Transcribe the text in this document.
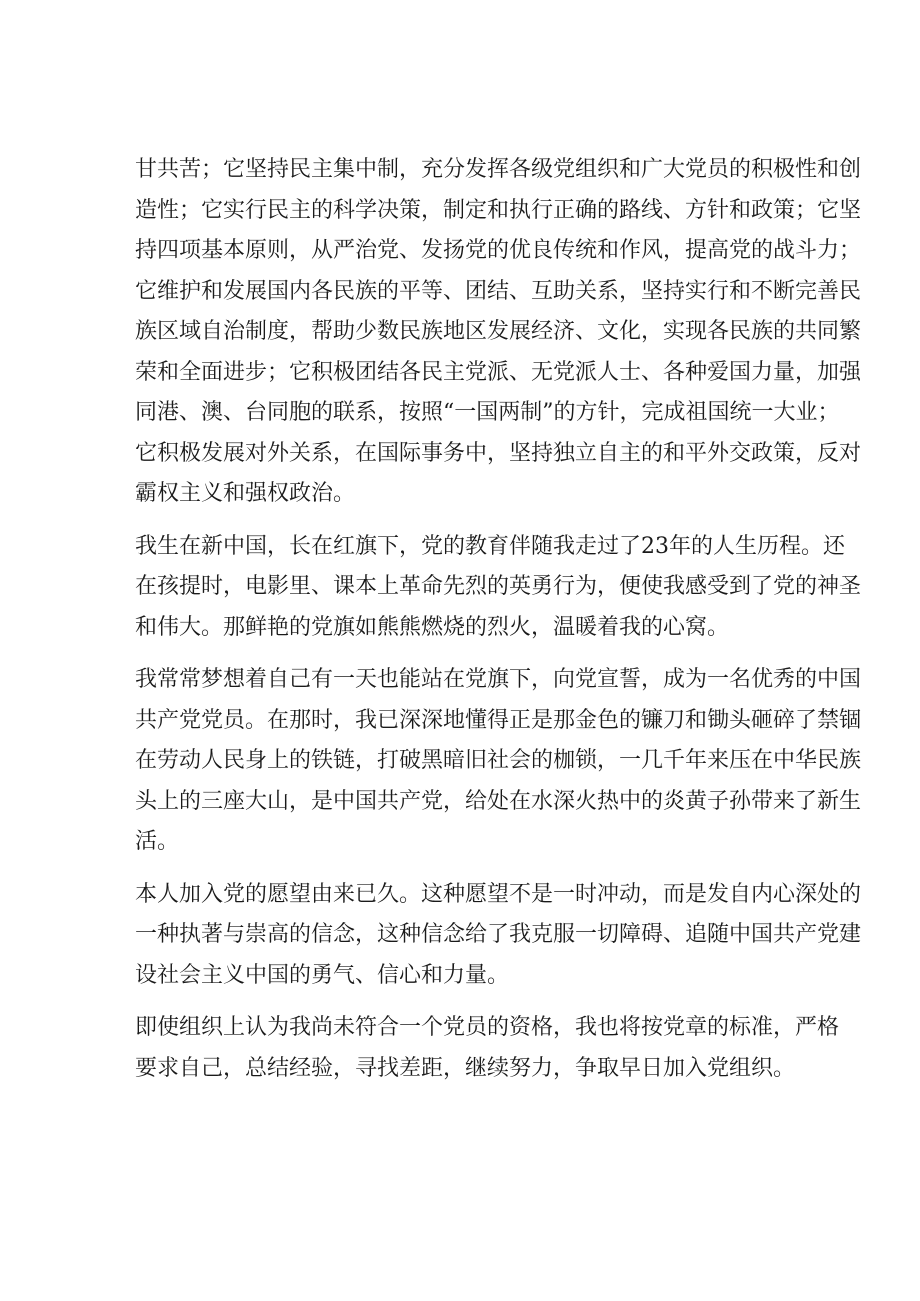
甘共苦；它坚持民主集中制，充分发挥各级党组织和广大党员的积极性和创
造性；它实行民主的科学决策，制定和执行正确的路线、方针和政策；它坚
持四项基本原则，从严治党、发扬党的优良传统和作风，提高党的战斗力；
它维护和发展国内各民族的平等、团结、互助关系，坚持实行和不断完善民
族区域自治制度，帮助少数民族地区发展经济、文化，实现各民族的共同繁
荣和全面进步；它积极团结各民主党派、无党派人士、各种爱国力量，加强
同港、澳、台同胞的联系，按照“一国两制”的方针，完成祖国统一大业；
它积极发展对外关系，在国际事务中，坚持独立自主的和平外交政策，反对
霸权主义和强权政治。
我生在新中国，长在红旗下，党的教育伴随我走过了23年的人生历程。还
在孩提时，电影里、课本上革命先烈的英勇行为，便使我感受到了党的神圣
和伟大。那鲜艳的党旗如熊熊燃烧的烈火，温暖着我的心窝。
我常常梦想着自己有一天也能站在党旗下，向党宣誓，成为一名优秀的中国
共产党党员。在那时，我已深深地懂得正是那金色的镰刀和锄头砸碎了禁锢
在劳动人民身上的铁链，打破黑暗旧社会的枷锁，一几千年来压在中华民族
头上的三座大山，是中国共产党，给处在水深火热中的炎黄子孙带来了新生
活。
本人加入党的愿望由来已久。这种愿望不是一时冲动，而是发自内心深处的
一种执著与崇高的信念，这种信念给了我克服一切障碍、追随中国共产党建
设社会主义中国的勇气、信心和力量。
即使组织上认为我尚未符合一个党员的资格，我也将按党章的标准，严格
要求自己，总结经验，寻找差距，继续努力，争取早日加入党组织。
